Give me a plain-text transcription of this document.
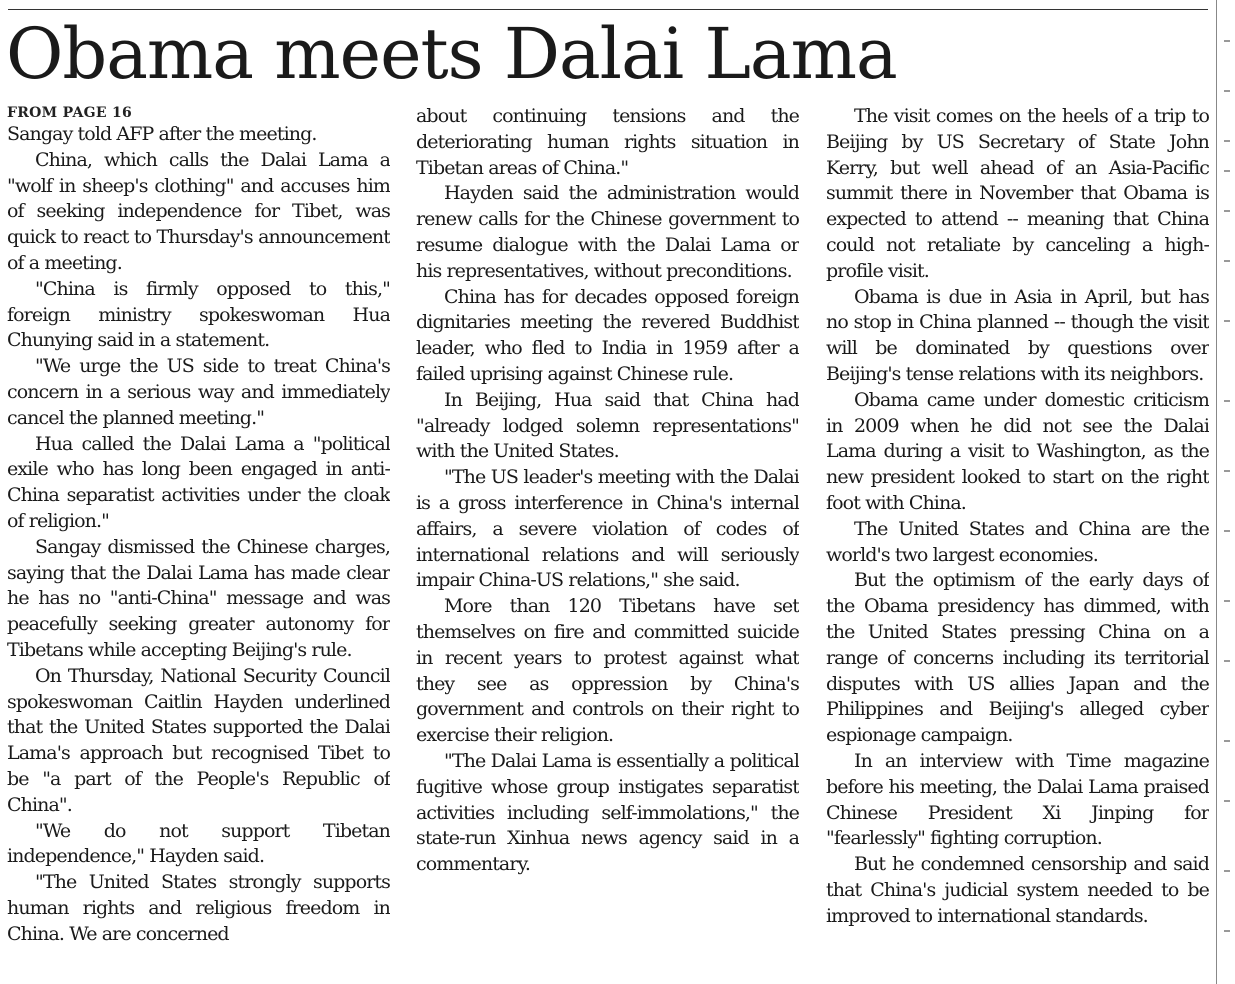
Obama meets Dalai Lama
FROM PAGE 16

Sangay told AFP after the meeting.

China, which calls the Dalai Lama a "wolf in sheep's clothing" and accuses him of seeking independence for Tibet, was quick to react to Thursday's announcement of a meeting.

"China is firmly opposed to this," foreign ministry spokeswoman Hua Chunying said in a statement.

"We urge the US side to treat China's concern in a serious way and immediately cancel the planned meeting."

Hua called the Dalai Lama a "political exile who has long been engaged in anti-China separatist activities under the cloak of religion."

Sangay dismissed the Chinese charges, saying that the Dalai Lama has made clear he has no "anti-China" message and was peacefully seeking greater autonomy for Tibetans while accepting Beijing's rule.

On Thursday, National Security Council spokeswoman Caitlin Hayden underlined that the United States supported the Dalai Lama's approach but recognised Tibet to be "a part of the People's Republic of China".

"We do not support Tibetan independence," Hayden said.

"The United States strongly supports human rights and religious freedom in China. We are concerned

about continuing tensions and the deteriorating human rights situation in Tibetan areas of China."

Hayden said the administration would renew calls for the Chinese government to resume dialogue with the Dalai Lama or his representatives, without preconditions.

China has for decades opposed foreign dignitaries meeting the revered Buddhist leader, who fled to India in 1959 after a failed uprising against Chinese rule.

In Beijing, Hua said that China had "already lodged solemn representations" with the United States.

"The US leader's meeting with the Dalai is a gross interference in China's internal affairs, a severe violation of codes of international relations and will seriously impair China-US relations," she said.

More than 120 Tibetans have set themselves on fire and committed suicide in recent years to protest against what they see as oppression by China's government and controls on their right to exercise their religion.

"The Dalai Lama is essentially a political fugitive whose group instigates separatist activities including self-immolations," the state-run Xinhua news agency said in a commentary.

The visit comes on the heels of a trip to Beijing by US Secretary of State John Kerry, but well ahead of an Asia-Pacific summit there in November that Obama is expected to attend -- meaning that China could not retaliate by canceling a high-profile visit.

Obama is due in Asia in April, but has no stop in China planned -- though the visit will be dominated by questions over Beijing's tense relations with its neighbors.

Obama came under domestic criticism in 2009 when he did not see the Dalai Lama during a visit to Washington, as the new president looked to start on the right foot with China.

The United States and China are the world's two largest economies.

But the optimism of the early days of the Obama presidency has dimmed, with the United States pressing China on a range of concerns including its territorial disputes with US allies Japan and the Philippines and Beijing's alleged cyber espionage campaign.

In an interview with Time magazine before his meeting, the Dalai Lama praised Chinese President Xi Jinping for "fearlessly" fighting corruption.

But he condemned censorship and said that China's judicial system needed to be improved to international standards.
